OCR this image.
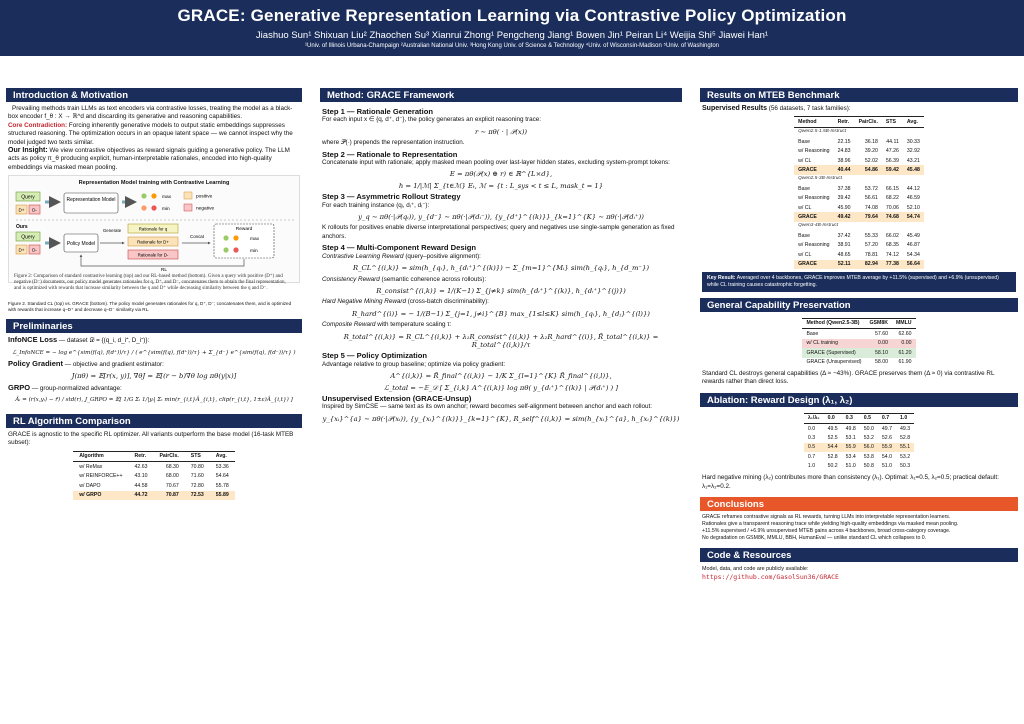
GRACE: Generative Representation Learning via Contrastive Policy Optimization
Jiashuo Sun¹ Shixuan Liu² Zhaochen Su³ Xianrui Zhong¹ Pengcheng Jiang¹ Bowen Jin¹ Peiran Li⁴ Weijia Shi⁵ Jiawei Han¹
¹Univ. of Illinois Urbana-Champaign ²Australian National Univ. ³Hong Kong Univ. of Science & Technology ⁴Univ. of Wisconsin-Madison ⁵Univ. of Washington
Introduction & Motivation
Prevailing methods train LLMs as text encoders via contrastive losses, treating the model as a black-box encoder f_θ : X → ℝ^d and discarding its generative and reasoning capabilities.
Core Contradiction: Forcing inherently generative models to output static embeddings suppresses structured reasoning. The optimization occurs in an opaque latent space — we cannot inspect why the model judged two texts similar.
Our Insight: We view contrastive objectives as reward signals guiding a generative policy. The LLM acts as policy π_θ producing explicit, human-interpretable rationales, encoded into high-quality embeddings via masked mean pooling.
Representation Model training with Contrastive Learning
Query
D+ D-
Representation Model	max
min
positive
negative
Ours
Query
D+ D-
Policy Model
Generate	Rationale for q
Rationale for D+
Rationale for D-
Concat
Reward
max
min
RL
Figure 2: Comparison of standard contrastive learning (top) and our RL-based method (bottom). Given a query with positive (D⁺) and negative (D⁻) documents, our policy model generates rationales for q, D⁺, and D⁻, concatenates them to obtain the final representation, and is optimized with rewards that increase similarity between the q and D⁺ while decreasing similarity between the q and D⁻.
Figure 2. Standard CL (top) vs. GRACE (bottom). The policy model generates rationales for q, D⁺, D⁻; concatenates them, and is optimized with rewards that increase q–D⁺ and decrease q–D⁻ similarity via RL.
Preliminaries
InfoNCE Loss — dataset 𝒟 = {(q_i, d_i⁺, D_i⁻)}:
ℒ_InfoNCE = − log e^{sim(f(q), f(d⁺))/τ} / ( e^{sim(f(q), f(d⁺))/τ} + Σ_{d⁻} e^{sim(f(q), f(d⁻))/τ} )
Policy Gradient — objective and gradient estimator:
J(πθ) = 𝔼[r(x, y)], ∇θJ = 𝔼[(r − b)∇θ log πθ(y|x)]
GRPO — group-normalized advantage:
Âᵢ = (r(x,yᵢ) − r̄) / std(r), J_GRPO = 𝔼[ 1/G Σᵢ 1/|yᵢ| Σₜ min(r_{i,t}Â_{i,t}, clip(r_{i,t}, 1±ε)Â_{i,t}) ]
RL Algorithm Comparison
GRACE is agnostic to the specific RL optimizer. All variants outperform the base model (16-task MTEB subset):
Algorithm	Retr.	PairCls.	STS	Avg.
w/ ReMax	42.63	68.30	70.80	53.36
w/ REINFORCE++	43.10	68.00	71.60	54.64
w/ DAPO	44.58	70.67	72.80	55.78
w/ GRPO	44.72	70.87	72.53	55.89
Method: GRACE Framework
Step 1 — Rationale Generation
For each input x ∈ {q, d⁺, d⁻}, the policy generates an explicit reasoning trace:
r ∼ πθ( · | 𝒫(x))
where 𝒫(·) prepends the representation instruction.
Step 2 — Rationale to Representation
Concatenate input with rationale; apply masked mean pooling over last-layer hidden states, excluding system-prompt tokens:
E = πθ(𝒫(x) ⊕ r) ∈ ℝ^{L×d},
h = 1/|ℳ| Σ_{t∈ℳ} Eₜ, ℳ = {t : L_sys < t ≤ L, mask_t = 1}
Step 3 — Asymmetric Rollout Strategy
For each training instance (qᵢ, dᵢ⁺, dᵢ⁻):
y_q ∼ πθ(·|𝒫(qᵢ)), y_{d⁻} ∼ πθ(·|𝒫(dᵢ⁻)), {y_{d⁺}^{(k)}}_{k=1}^{K} ∼ πθ(·|𝒫(dᵢ⁺))
K rollouts for positives enable diverse interpretational perspectives; query and negatives use single-sample generation as fixed anchors.
Step 4 — Multi-Component Reward Design
Contrastive Learning Reward (query–positive alignment):
R_CL^{(i,k)} = sim(h_{qᵢ}, h_{dᵢ⁺}^{(k)}) − Σ_{m=1}^{Mᵢ} sim(h_{qᵢ}, h_{d_m⁻})
Consistency Reward (semantic coherence across rollouts):
R_consist^{(i,k)} = 1/(K−1) Σ_{j≠k} sim(h_{dᵢ⁺}^{(k)}, h_{dᵢ⁺}^{(j)})
Hard Negative Mining Reward (cross-batch discriminability):
R_hard^{(i)} = − 1/(B−1) Σ_{j=1, j≠i}^{B} max_{1≤l≤K} sim(h_{qᵢ}, h_{dⱼ}^{(l)})
Composite Reward with temperature scaling τ:
R_total^{(i,k)} = R_CL^{(i,k)} + λ₁R_consist^{(i,k)} + λ₂R_hard^{(i)}, R̃_total^{(i,k)} = R_total^{(i,k)}/τ
Step 5 — Policy Optimization
Advantage relative to group baseline; optimize via policy gradient:
A^{(i,k)} = R̃_final^{(i,k)} − 1/K Σ_{l=1}^{K} R̃_final^{(i,l)},
ℒ_total = −𝔼_𝒟 [ Σ_{i,k} A^{(i,k)} log πθ( y_{dᵢ⁺}^{(k)} | 𝒫(dᵢ⁺) ) ]
Unsupervised Extension (GRACE-Unsup)
Inspired by SimCSE — same text as its own anchor; reward becomes self-alignment between anchor and each rollout:
y_{xᵢ}^{a} ∼ πθ(·|𝒫(xᵢ)), {y_{xᵢ}^{(k)}}_{k=1}^{K}, R_self^{(i,k)} = sim(h_{xᵢ}^{a}, h_{xᵢ}^{(k)})
Results on MTEB Benchmark
Supervised Results (56 datasets, 7 task families):
Method	Retr.	PairCls.	STS	Avg.
Qwen2.5-1.5B-Instruct				
Base	22.15	36.18	44.11	30.33
w/ Reasoning	24.83	39.20	47.26	32.92
w/ CL	38.96	52.02	56.39	43.21
GRACE	40.44	54.86	59.42	45.48
Qwen2.5-3B-Instruct				
Base	37.38	53.72	66.15	44.12
w/ Reasoning	39.42	56.61	68.22	46.59
w/ CL	45.90	74.08	70.06	52.10
GRACE	49.42	79.64	74.68	54.74
Qwen3-4B-Instruct				
Base	37.42	55.33	66.02	45.49
w/ Reasoning	38.91	57.20	68.35	46.87
w/ CL	48.65	78.81	74.12	54.34
GRACE	52.11	82.94	77.38	56.64
Key Result: Averaged over 4 backbones, GRACE improves MTEB average by +11.5% (supervised) and +6.9% (unsupervised) while CL training causes catastrophic forgetting.
General Capability Preservation
Method (Qwen2.5-3B)	GSM8K	MMLU
Base	57.60	62.60
w/ CL training	0.00	0.00
GRACE (Supervised)	58.10	61.20
GRACE (Unsupervised)	58.00	61.90
Standard CL destroys general capabilities (Δ ≈ −43%). GRACE preserves them (Δ ≈ 0) via contrastive RL rewards rather than direct loss.
Ablation: Reward Design (λ₁, λ₂)
λ₁\λ₂	0.0	0.3	0.5	0.7	1.0
0.0	49.5	49.8	50.0	49.7	49.3
0.3	52.5	53.1	53.2	52.6	52.8
0.5	54.4	55.9	56.0	55.9	55.1
0.7	52.8	53.4	53.8	54.0	53.2
1.0	50.2	51.0	50.8	51.0	50.3
Hard negative mining (λ₂) contributes more than consistency (λ₁). Optimal: λ₁=0.5, λ₂=0.5; practical default: λ₁=λ₂=0.2.
Conclusions
GRACE reframes contrastive signals as RL rewards, turning LLMs into interpretable representation learners.
Rationales give a transparent reasoning trace while yielding high-quality embeddings via masked mean pooling.
+11.5% supervised / +6.9% unsupervised MTEB gains across 4 backbones, broad cross-category coverage.
No degradation on GSM8K, MMLU, BBH, HumanEval — unlike standard CL which collapses to 0.
Code & Resources
Model, data, and code are publicly available:
https://github.com/GasolSun36/GRACE
